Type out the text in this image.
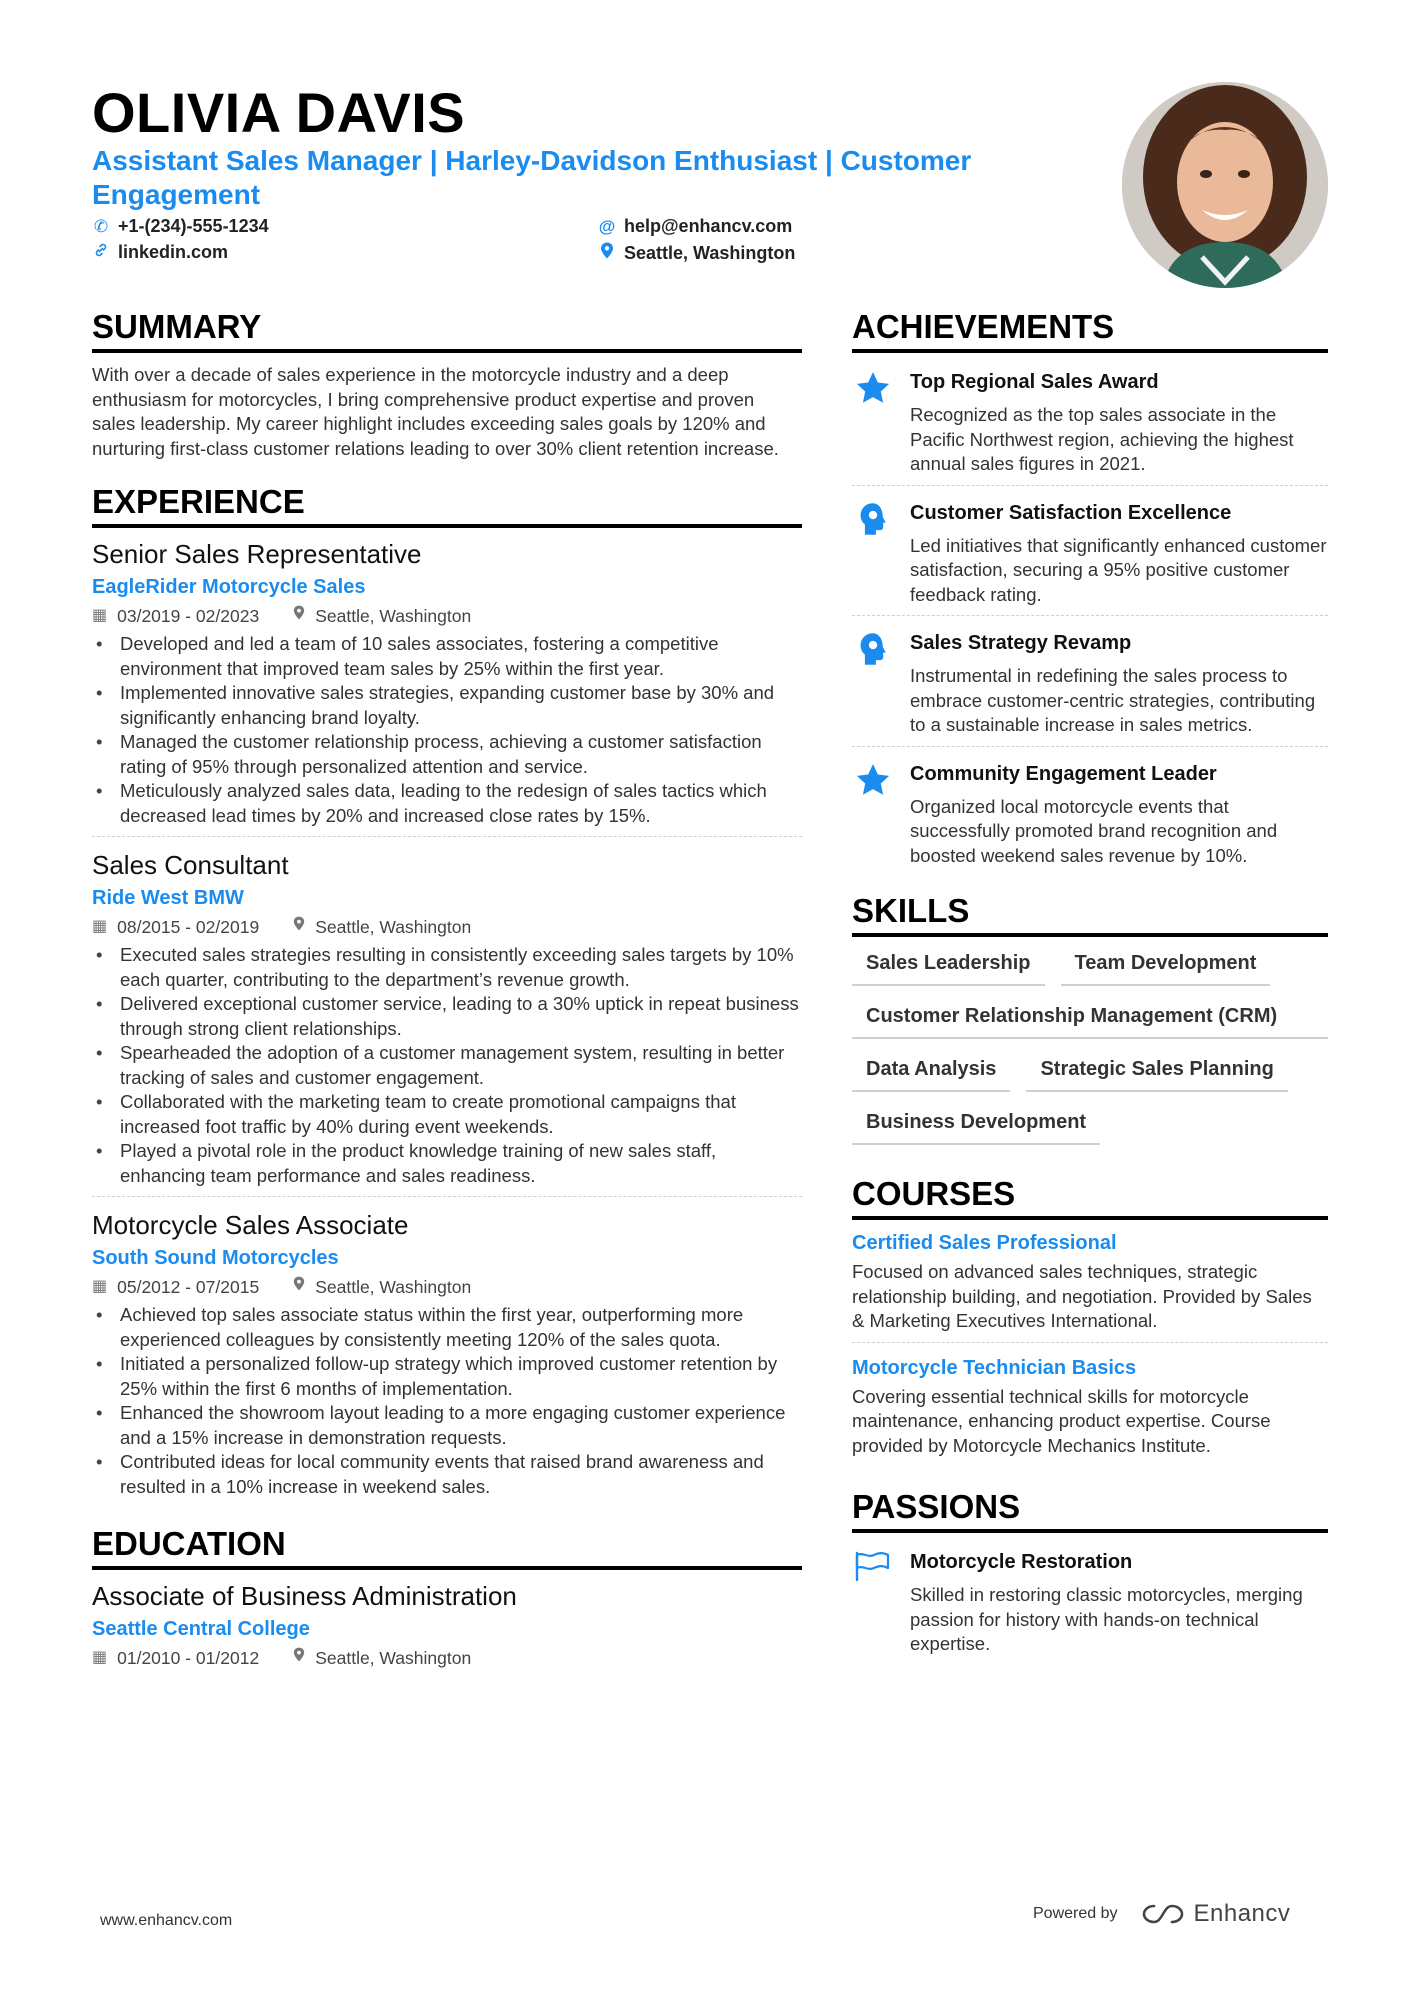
OLIVIA DAVIS
Assistant Sales Manager | Harley-Davidson Enthusiast | Customer Engagement
✆ +1-(234)-555-1234	@ help@enhancv.com
linkedin.com	Seattle, Washington
SUMMARY
With over a decade of sales experience in the motorcycle industry and a deep enthusiasm for motorcycles, I bring comprehensive product expertise and proven sales leadership. My career highlight includes exceeding sales goals by 120% and nurturing first-class customer relations leading to over 30% client retention increase.
EXPERIENCE
Senior Sales Representative
EagleRider Motorcycle Sales
▦ 03/2019 - 02/2023	Seattle, Washington
• Developed and led a team of 10 sales associates, fostering a competitive environment that improved team sales by 25% within the first year.
• Implemented innovative sales strategies, expanding customer base by 30% and significantly enhancing brand loyalty.
• Managed the customer relationship process, achieving a customer satisfaction rating of 95% through personalized attention and service.
• Meticulously analyzed sales data, leading to the redesign of sales tactics which decreased lead times by 20% and increased close rates by 15%.
Sales Consultant
Ride West BMW
▦ 08/2015 - 02/2019	Seattle, Washington
• Executed sales strategies resulting in consistently exceeding sales targets by 10% each quarter, contributing to the department’s revenue growth.
• Delivered exceptional customer service, leading to a 30% uptick in repeat business through strong client relationships.
• Spearheaded the adoption of a customer management system, resulting in better tracking of sales and customer engagement.
• Collaborated with the marketing team to create promotional campaigns that increased foot traffic by 40% during event weekends.
• Played a pivotal role in the product knowledge training of new sales staff, enhancing team performance and sales readiness.
Motorcycle Sales Associate
South Sound Motorcycles
▦ 05/2012 - 07/2015	Seattle, Washington
• Achieved top sales associate status within the first year, outperforming more experienced colleagues by consistently meeting 120% of the sales quota.
• Initiated a personalized follow-up strategy which improved customer retention by 25% within the first 6 months of implementation.
• Enhanced the showroom layout leading to a more engaging customer experience and a 15% increase in demonstration requests.
• Contributed ideas for local community events that raised brand awareness and resulted in a 10% increase in weekend sales.
EDUCATION
Associate of Business Administration
Seattle Central College
▦ 01/2010 - 01/2012	Seattle, Washington
ACHIEVEMENTS
Top Regional Sales Award
Recognized as the top sales associate in the Pacific Northwest region, achieving the highest annual sales figures in 2021.
Customer Satisfaction Excellence
Led initiatives that significantly enhanced customer satisfaction, securing a 95% positive customer feedback rating.
Sales Strategy Revamp
Instrumental in redefining the sales process to embrace customer-centric strategies, contributing to a sustainable increase in sales metrics.
Community Engagement Leader
Organized local motorcycle events that successfully promoted brand recognition and boosted weekend sales revenue by 10%.
SKILLS
Sales Leadership	Team Development
Customer Relationship Management (CRM)
Data Analysis	Strategic Sales Planning
Business Development
COURSES
Certified Sales Professional
Focused on advanced sales techniques, strategic relationship building, and negotiation. Provided by Sales & Marketing Executives International.
Motorcycle Technician Basics
Covering essential technical skills for motorcycle maintenance, enhancing product expertise. Course provided by Motorcycle Mechanics Institute.
PASSIONS
Motorcycle Restoration
Skilled in restoring classic motorcycles, merging passion for history with hands-on technical expertise.
www.enhancv.com	Powered by	Enhancv
